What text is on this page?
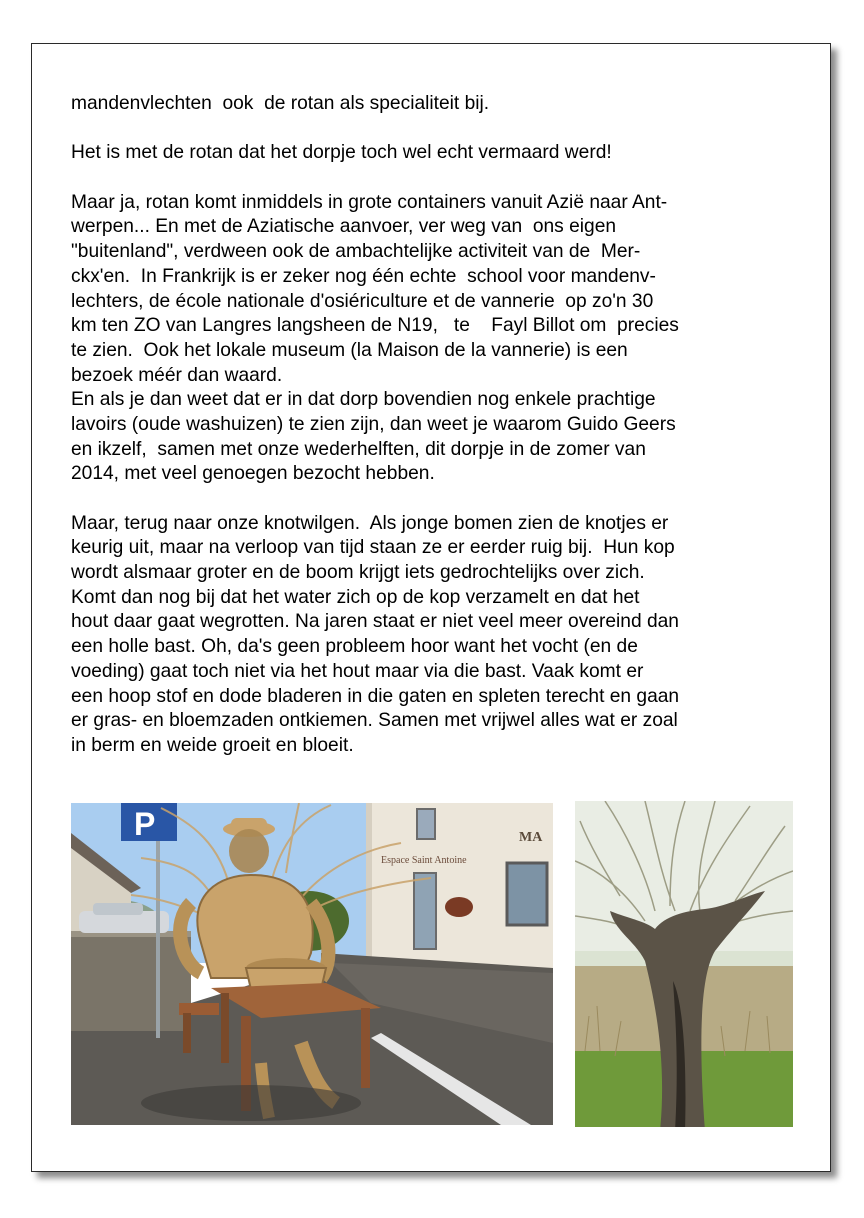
mandenvlechten  ook  de rotan als specialiteit bij.
Het is met de rotan dat het dorpje toch wel echt vermaard werd!
Maar ja, rotan komt inmiddels in grote containers vanuit Azië naar Ant-
werpen... En met de Aziatische aanvoer, ver weg van  ons eigen
"buitenland", verdween ook de ambachtelijke activiteit van de  Mer-
ckx'en.  In Frankrijk is er zeker nog één echte  school voor mandenv-
lechters, de école nationale d'osiériculture et de vannerie  op zo'n 30
km ten ZO van Langres langsheen de N19,   te    Fayl Billot om  precies
te zien.  Ook het lokale museum (la Maison de la vannerie) is een
bezoek méér dan waard.
En als je dan weet dat er in dat dorp bovendien nog enkele prachtige
lavoirs (oude washuizen) te zien zijn, dan weet je waarom Guido Geers
en ikzelf,  samen met onze wederhelften, dit dorpje in de zomer van
2014, met veel genoegen bezocht hebben.
Maar, terug naar onze knotwilgen.  Als jonge bomen zien de knotjes er
keurig uit, maar na verloop van tijd staan ze er eerder ruig bij.  Hun kop
wordt alsmaar groter en de boom krijgt iets gedrochtelijks over zich.
Komt dan nog bij dat het water zich op de kop verzamelt en dat het
hout daar gaat wegrotten. Na jaren staat er niet veel meer overeind dan
een holle bast. Oh, da's geen probleem hoor want het vocht (en de
voeding) gaat toch niet via het hout maar via die bast. Vaak komt er
een hoop stof en dode bladeren in die gaten en spleten terecht en gaan
er gras- en bloemzaden ontkiemen. Samen met vrijwel alles wat er zoal
in berm en weide groeit en bloeit.
Espace Saint Antoine
MA
P
